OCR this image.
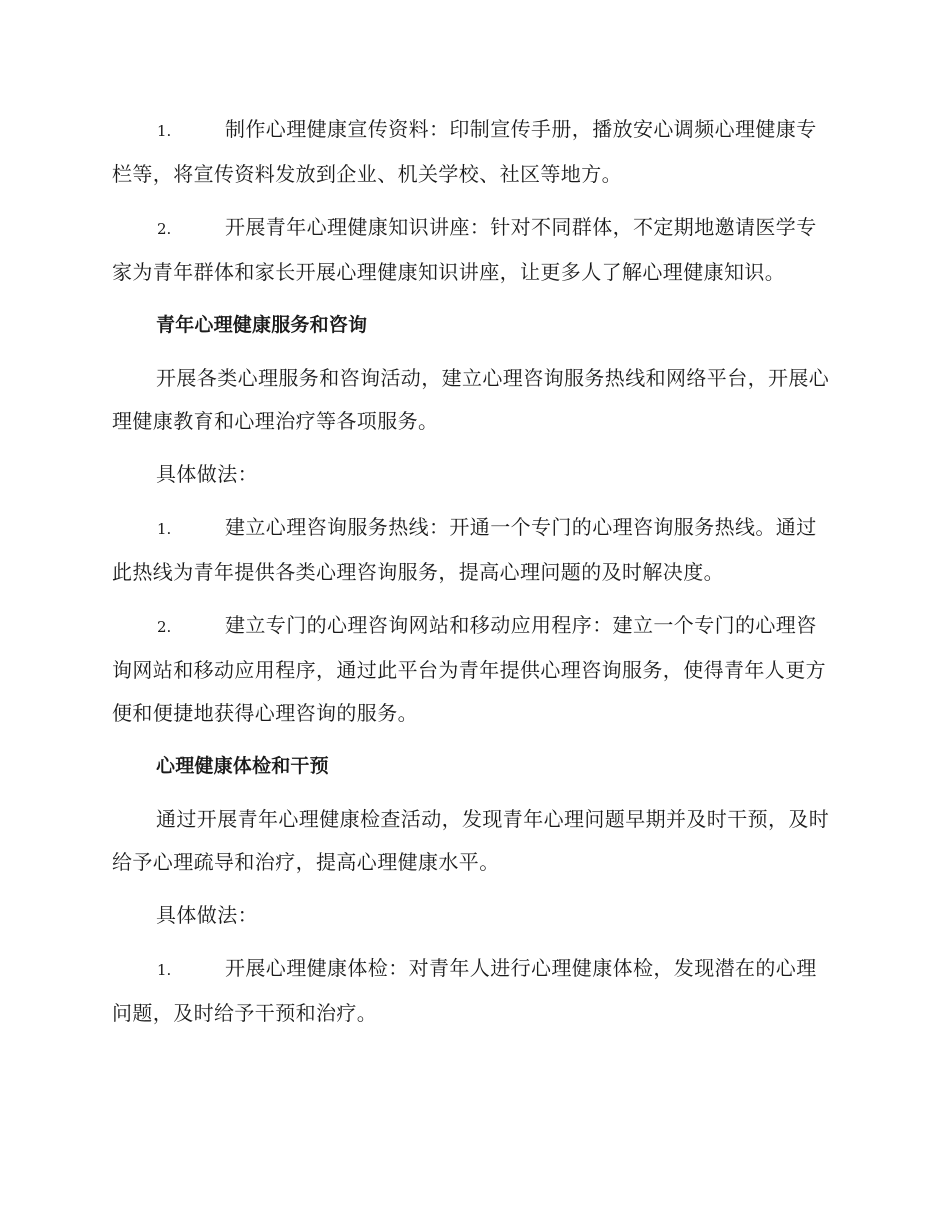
1.	制作心理健康宣传资料：印制宣传手册，播放安心调频心理健康专栏等，将宣传资料发放到企业、机关学校、社区等地方。

2.	开展青年心理健康知识讲座：针对不同群体，不定期地邀请医学专家为青年群体和家长开展心理健康知识讲座，让更多人了解心理健康知识。

青年心理健康服务和咨询

开展各类心理服务和咨询活动，建立心理咨询服务热线和网络平台，开展心理健康教育和心理治疗等各项服务。

具体做法：

1.	建立心理咨询服务热线：开通一个专门的心理咨询服务热线。通过此热线为青年提供各类心理咨询服务，提高心理问题的及时解决度。

2.	建立专门的心理咨询网站和移动应用程序：建立一个专门的心理咨询网站和移动应用程序，通过此平台为青年提供心理咨询服务，使得青年人更方便和便捷地获得心理咨询的服务。

心理健康体检和干预

通过开展青年心理健康检查活动，发现青年心理问题早期并及时干预，及时给予心理疏导和治疗，提高心理健康水平。

具体做法：

1.	开展心理健康体检：对青年人进行心理健康体检，发现潜在的心理问题，及时给予干预和治疗。
